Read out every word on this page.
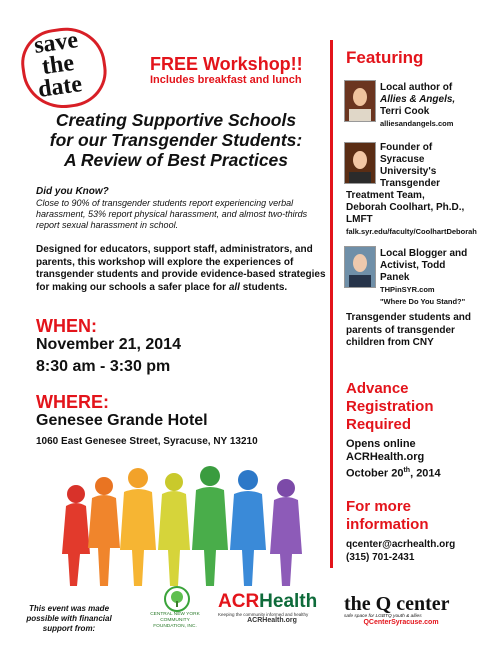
save
the
date
FREE Workshop!!
Includes breakfast and lunch
Creating Supportive Schools
for our Transgender Students:
A Review of Best Practices
Did you Know?
Close to 90% of transgender students report experiencing verbal harassment, 53% report physical harassment, and almost two-thirds report sexual harassment in school.
Designed for educators, support staff, administrators, and parents, this workshop will explore the experiences of transgender students and provide evidence-based strategies for making our schools a safer place for all students.
WHEN:
November 21, 2014
8:30 am - 3:30 pm
WHERE:
Genesee Grande Hotel
1060 East Genesee Street, Syracuse, NY 13210
Featuring
Local author of
Allies & Angels,
Terri Cook
alliesandangels.com
Founder of
Syracuse
University's
Transgender
Treatment Team,
Deborah Coolhart, Ph.D.,
LMFT
falk.syr.edu/faculty/CoolhartDeborah
Local Blogger and
Activist, Todd
Panek
THPinSYR.com
"Where Do You Stand?"
Transgender students and parents of transgender children from CNY
Advance
Registration
Required
Opens online
ACRHealth.org
October 20th, 2014
For more
information
qcenter@acrhealth.org
(315) 701-2431
This event was made possible with financial support from:
CENTRAL NEW YORK
COMMUNITY
FOUNDATION, INC.
ACRHealth
Keeping the community informed and healthy
ACRHealth.org
the Q center
safe space for LGBTQ youth & allies
QCenterSyracuse.com
